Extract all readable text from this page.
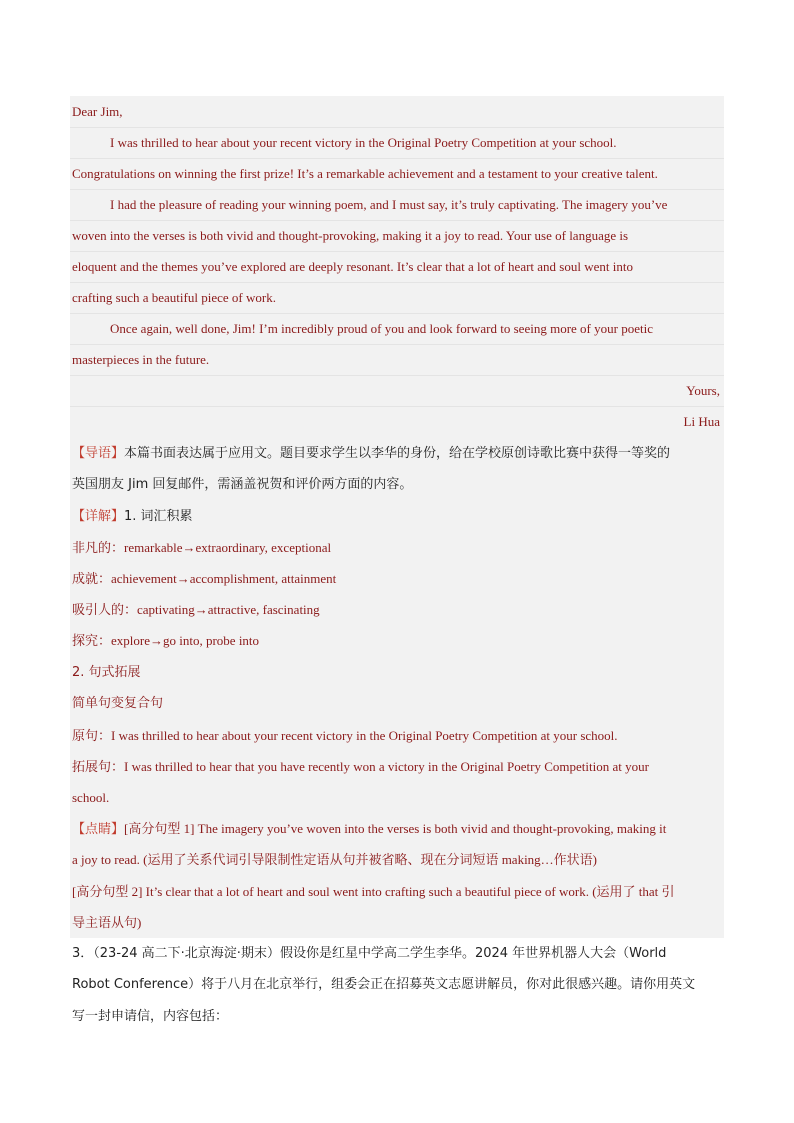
Dear Jim,
I was thrilled to hear about your recent victory in the Original Poetry Competition at your school.
Congratulations on winning the first prize! It’s a remarkable achievement and a testament to your creative talent.
I had the pleasure of reading your winning poem, and I must say, it’s truly captivating. The imagery you’ve
woven into the verses is both vivid and thought-provoking, making it a joy to read. Your use of language is
eloquent and the themes you’ve explored are deeply resonant. It’s clear that a lot of heart and soul went into
crafting such a beautiful piece of work.
Once again, well done, Jim! I’m incredibly proud of you and look forward to seeing more of your poetic
masterpieces in the future.
Yours,
Li Hua
【导语】本篇书面表达属于应用文。题目要求学生以李华的身份，给在学校原创诗歌比赛中获得一等奖的
英国朋友 Jim 回复邮件，需涵盖祝贺和评价两方面的内容。
【详解】1. 词汇积累
非凡的：remarkable→extraordinary, exceptional
成就：achievement→accomplishment, attainment
吸引人的：captivating→attractive, fascinating
探究：explore→go into, probe into
2. 句式拓展
简单句变复合句
原句：I was thrilled to hear about your recent victory in the Original Poetry Competition at your school.
拓展句：I was thrilled to hear that you have recently won a victory in the Original Poetry Competition at your
school.
【点睛】[高分句型 1] The imagery you’ve woven into the verses is both vivid and thought-provoking, making it
a joy to read. (运用了关系代词引导限制性定语从句并被省略、现在分词短语 making…作状语)
[高分句型 2] It’s clear that a lot of heart and soul went into crafting such a beautiful piece of work. (运用了 that 引
导主语从句)
3．（23-24 高二下·北京海淀·期末）假设你是红星中学高二学生李华。2024 年世界机器人大会（World
Robot Conference）将于八月在北京举行，组委会正在招募英文志愿讲解员，你对此很感兴趣。请你用英文
写一封申请信，内容包括：
